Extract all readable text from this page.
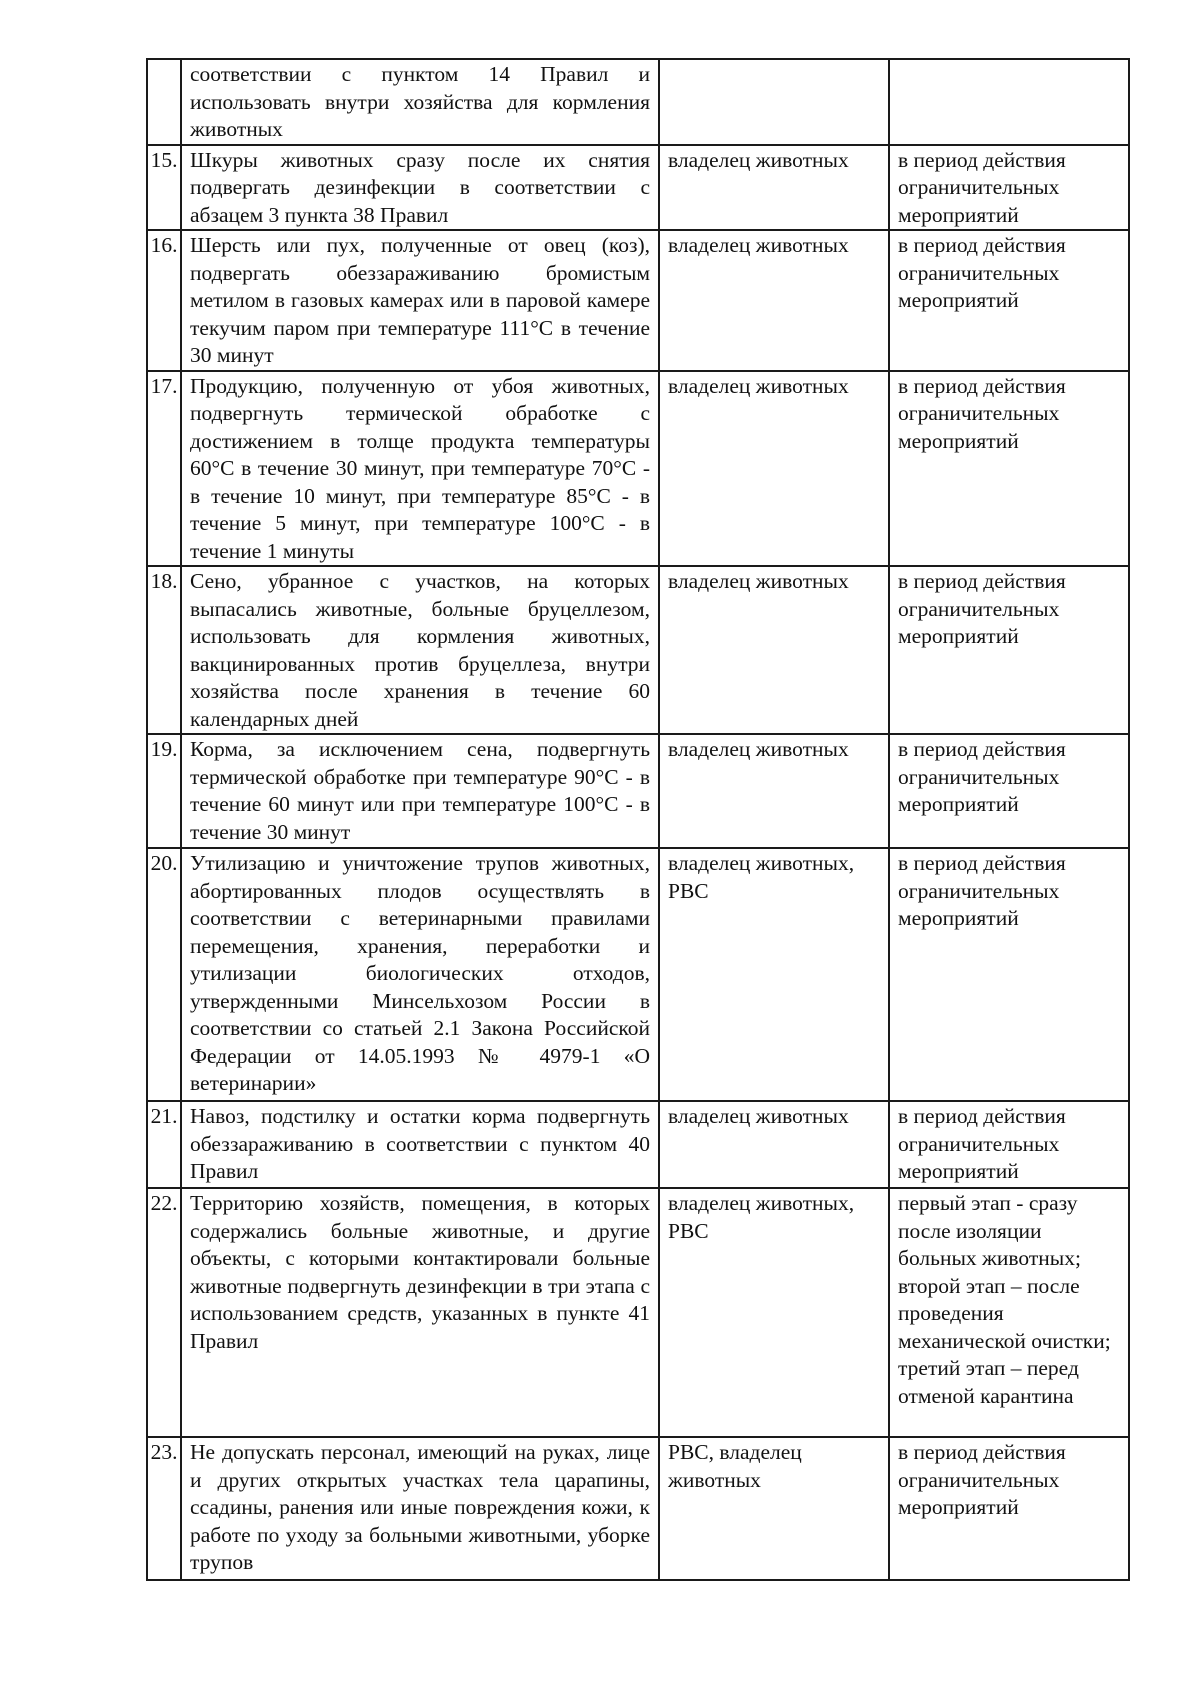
	соответствии с пунктом 14 Правил и использовать внутри хозяйства для кормления животных		
15.	Шкуры животных сразу после их снятия подвергать дезинфекции в соответствии с абзацем 3 пункта 38 Правил	владелец животных	в период действия ограничительных мероприятий
16.	Шерсть или пух, полученные от овец (коз), подвергать обеззараживанию бромистым метилом в газовых камерах или в паровой камере текучим паром при температуре 111°С в течение 30 минут	владелец животных	в период действия ограничительных мероприятий
17.	Продукцию, полученную от убоя животных, подвергнуть термической обработке с достижением в толще продукта температуры 60°С в течение 30 минут, при температуре 70°С - в течение 10 минут, при температуре 85°С - в течение 5 минут, при температуре 100°С - в течение 1 минуты	владелец животных	в период действия ограничительных мероприятий
18.	Сено, убранное с участков, на которых выпасались животные, больные бруцеллезом, использовать для кормления животных, вакцинированных против бруцеллеза, внутри хозяйства после хранения в течение 60 календарных дней	владелец животных	в период действия ограничительных мероприятий
19.	Корма, за исключением сена, подвергнуть термической обработке при температуре 90°С - в течение 60 минут или при температуре 100°С - в течение 30 минут	владелец животных	в период действия ограничительных мероприятий
20.	Утилизацию и уничтожение трупов животных, абортированных плодов осуществлять в соответствии с ветеринарными правилами перемещения, хранения, переработки и утилизации биологических отходов, утвержденными Минсельхозом России в соответствии со статьей 2.1 Закона Российской Федерации от 14.05.1993 № 4979-1 «О ветеринарии»	владелец животных, РВС	в период действия ограничительных мероприятий
21.	Навоз, подстилку и остатки корма подвергнуть обеззараживанию в соответствии с пунктом 40 Правил	владелец животных	в период действия ограничительных мероприятий
22.	Территорию хозяйств, помещения, в которых содержались больные животные, и другие объекты, с которыми контактировали больные животные подвергнуть дезинфекции в три этапа с использованием средств, указанных в пункте 41 Правил	владелец животных, РВС	первый этап - сразу после изоляции больных животных; второй этап – после проведения механической очистки; третий этап – перед отменой карантина
23.	Не допускать персонал, имеющий на руках, лице и других открытых участках тела царапины, ссадины, ранения или иные повреждения кожи, к работе по уходу за больными животными, уборке трупов	РВС, владелец животных	в период действия ограничительных мероприятий
